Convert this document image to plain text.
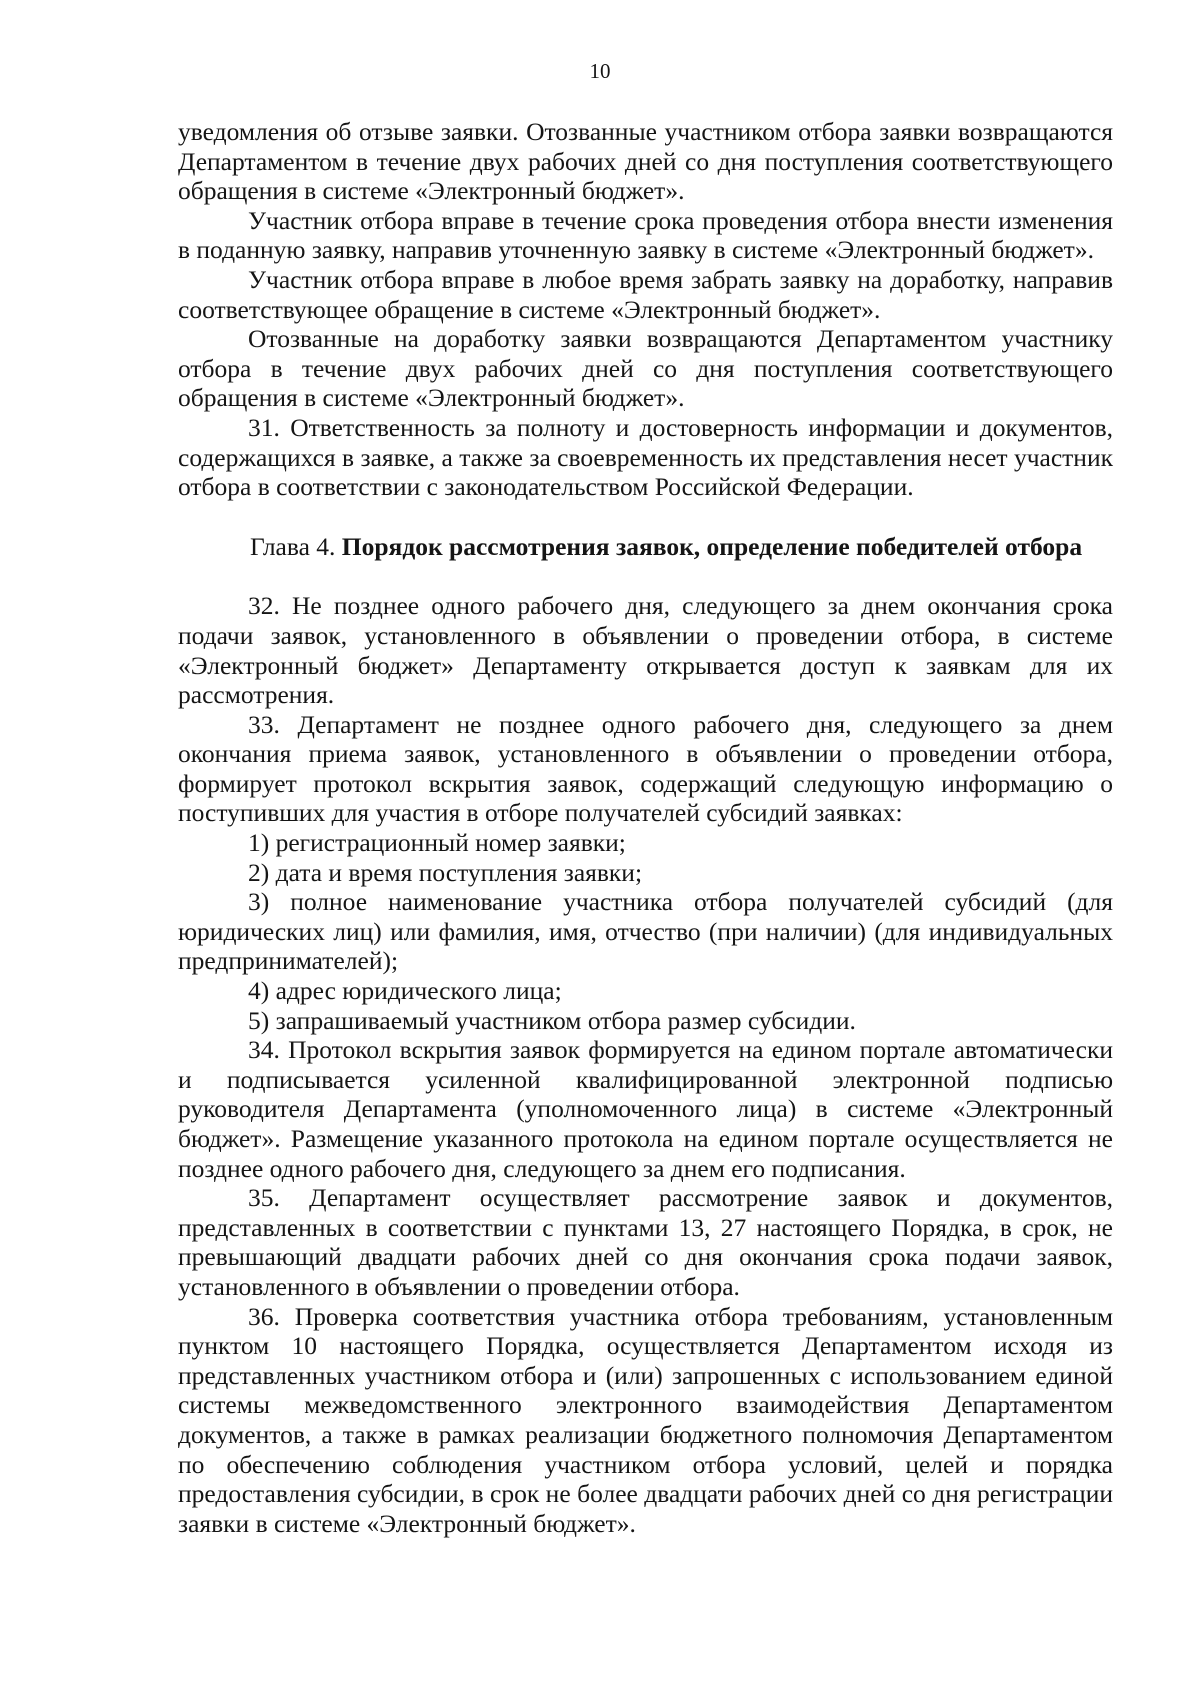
10

уведомления об отзыве заявки. Отозванные участником отбора заявки возвращаются Департаментом в течение двух рабочих дней со дня поступления соответствующего обращения в системе «Электронный бюджет».

Участник отбора вправе в течение срока проведения отбора внести изменения в поданную заявку, направив уточненную заявку в системе «Электронный бюджет».

Участник отбора вправе в любое время забрать заявку на доработку, направив соответствующее обращение в системе «Электронный бюджет».

Отозванные на доработку заявки возвращаются Департаментом участнику отбора в течение двух рабочих дней со дня поступления соответствующего обращения в системе «Электронный бюджет».

31. Ответственность за полноту и достоверность информации и документов, содержащихся в заявке, а также за своевременность их представления несет участник отбора в соответствии с законодательством Российской Федерации.

Глава 4. Порядок рассмотрения заявок, определение победителей отбора

32. Не позднее одного рабочего дня, следующего за днем окончания срока подачи заявок, установленного в объявлении о проведении отбора, в системе «Электронный бюджет» Департаменту открывается доступ к заявкам для их рассмотрения.

33. Департамент не позднее одного рабочего дня, следующего за днем окончания приема заявок, установленного в объявлении о проведении отбора, формирует протокол вскрытия заявок, содержащий следующую информацию о поступивших для участия в отборе получателей субсидий заявках:

1) регистрационный номер заявки;

2) дата и время поступления заявки;

3) полное наименование участника отбора получателей субсидий (для юридических лиц) или фамилия, имя, отчество (при наличии) (для индивидуальных предпринимателей);

4) адрес юридического лица;

5) запрашиваемый участником отбора размер субсидии.

34. Протокол вскрытия заявок формируется на едином портале автоматически и подписывается усиленной квалифицированной электронной подписью руководителя Департамента (уполномоченного лица) в системе «Электронный бюджет». Размещение указанного протокола на едином портале осуществляется не позднее одного рабочего дня, следующего за днем его подписания.

35. Департамент осуществляет рассмотрение заявок и документов, представленных в соответствии с пунктами 13, 27 настоящего Порядка, в срок, не превышающий двадцати рабочих дней со дня окончания срока подачи заявок, установленного в объявлении о проведении отбора.

36. Проверка соответствия участника отбора требованиям, установленным пунктом 10 настоящего Порядка, осуществляется Департаментом исходя из представленных участником отбора и (или) запрошенных с использованием единой системы межведомственного электронного взаимодействия Департаментом документов, а также в рамках реализации бюджетного полномочия Департаментом по обеспечению соблюдения участником отбора условий, целей и порядка предоставления субсидии, в срок не более двадцати рабочих дней со дня регистрации заявки в системе «Электронный бюджет».
